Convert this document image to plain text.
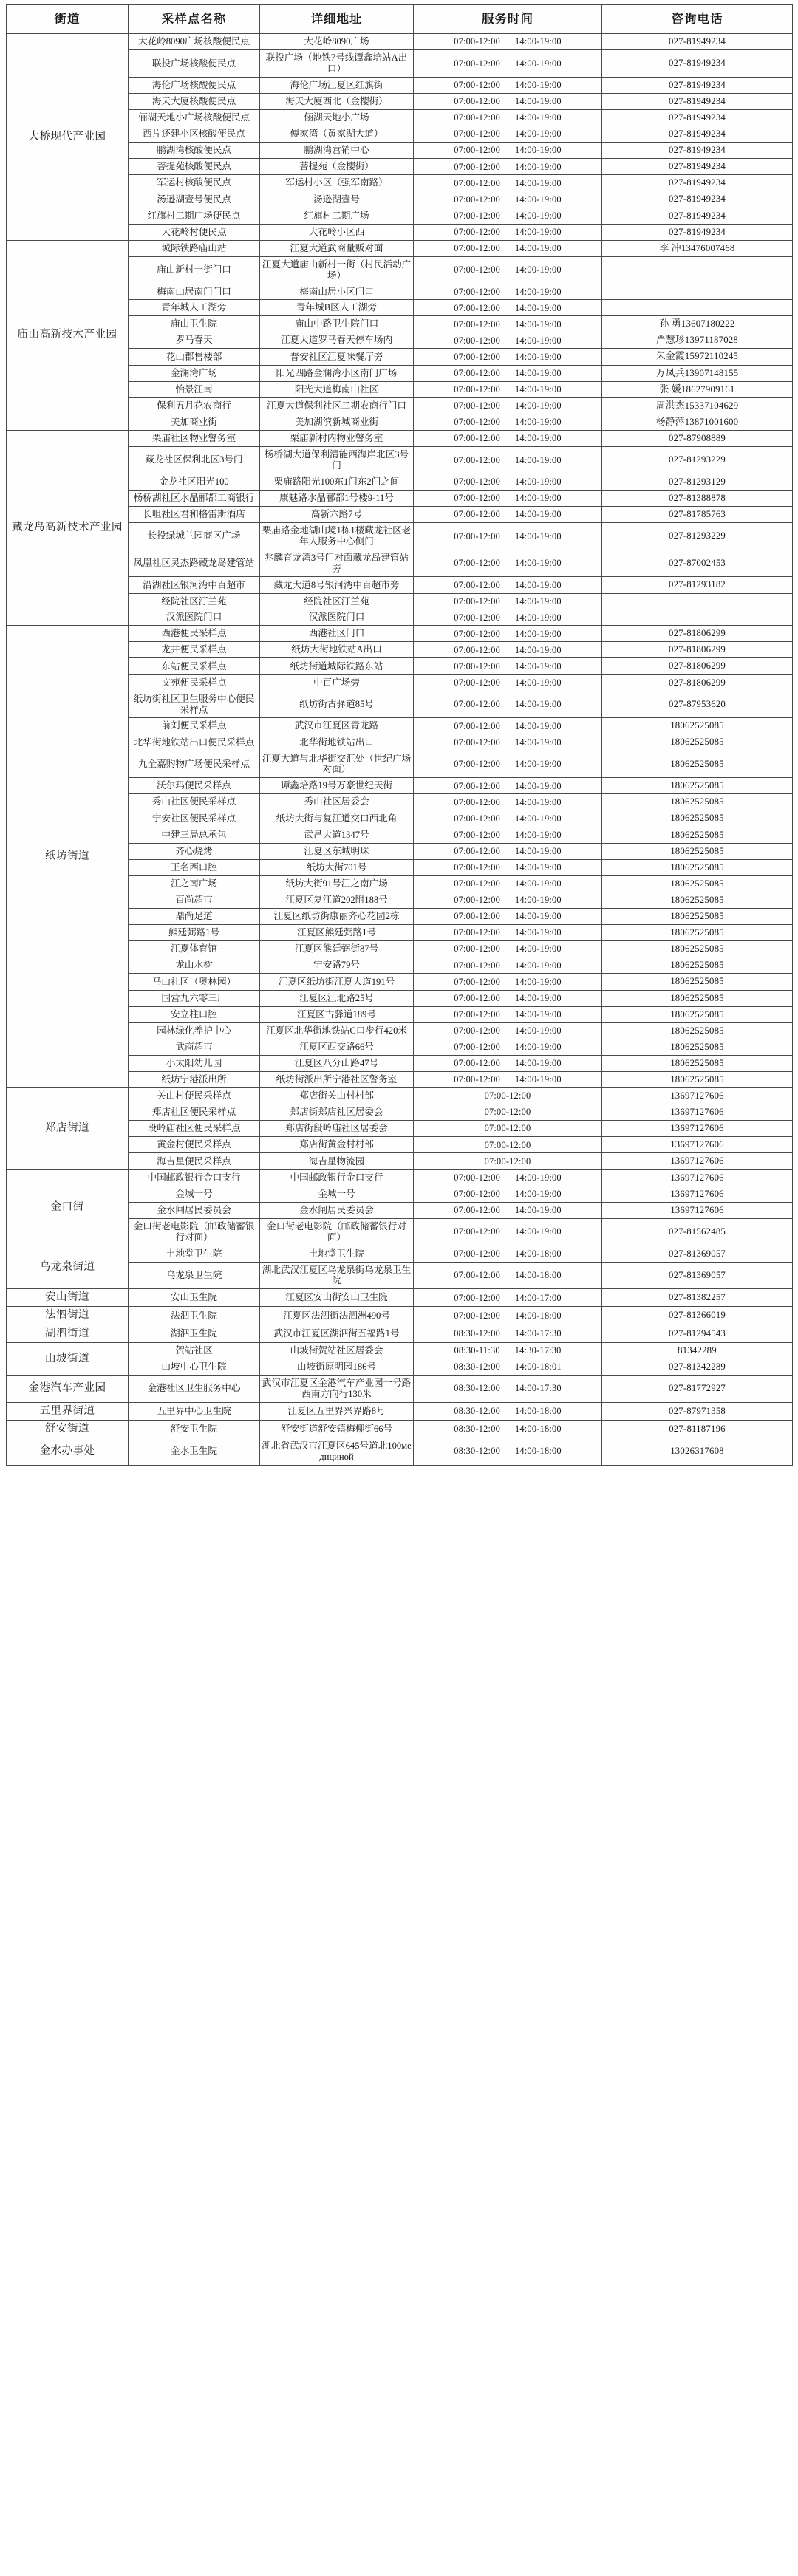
街道	采样点名称	详细地址	服务时间	咨询电话
大桥现代产业园	大花岭8090广场核酸便民点	大花岭8090广场	07:00-12:00 14:00-19:00	027-81949234
	联投广场核酸便民点	联投广场（地铁7号线谭鑫培站A出口）	07:00-12:00 14:00-19:00	027-81949234
	海伦广场核酸便民点	海伦广场江夏区红旗街	07:00-12:00 14:00-19:00	027-81949234
	海天大厦核酸便民点	海天大厦西北（金樱街）	07:00-12:00 14:00-19:00	027-81949234
	俪湖天地小广场核酸便民点	俪湖天地小广场	07:00-12:00 14:00-19:00	027-81949234
	西片还建小区核酸便民点	傅家湾（黄家湖大道）	07:00-12:00 14:00-19:00	027-81949234
	鹏湖湾核酸便民点	鹏湖湾营销中心	07:00-12:00 14:00-19:00	027-81949234
	菩提苑核酸便民点	菩提苑（金樱街）	07:00-12:00 14:00-19:00	027-81949234
	军运村核酸便民点	军运村小区（强军南路）	07:00-12:00 14:00-19:00	027-81949234
	汤逊湖壹号便民点	汤逊湖壹号	07:00-12:00 14:00-19:00	027-81949234
	红旗村二期广场便民点	红旗村二期广场	07:00-12:00 14:00-19:00	027-81949234
	大花岭村便民点	大花岭小区西	07:00-12:00 14:00-19:00	027-81949234
庙山高新技术产业园	城际铁路庙山站	江夏大道武商量贩对面	07:00-12:00 14:00-19:00	李 冲13476007468
	庙山新村一街门口	江夏大道庙山新村一街（村民活动广场）	07:00-12:00 14:00-19:00	
	梅南山居南门门口	梅南山居小区门口	07:00-12:00 14:00-19:00	
	青年城人工湖旁	青年城B区人工湖旁	07:00-12:00 14:00-19:00	
	庙山卫生院	庙山中路卫生院门口	07:00-12:00 14:00-19:00	孙 勇13607180222
	罗马春天	江夏大道罗马春天停车场内	07:00-12:00 14:00-19:00	严慧珍13971187028
	花山郡售楼部	普安社区江夏味餐厅旁	07:00-12:00 14:00-19:00	朱金霞15972110245
	金澜湾广场	阳光四路金澜湾小区南门广场	07:00-12:00 14:00-19:00	万凤兵13907148155
	怡景江南	阳光大道梅南山社区	07:00-12:00 14:00-19:00	张 媛18627909161
	保利五月花农商行	江夏大道保利社区二期农商行门口	07:00-12:00 14:00-19:00	周洪杰15337104629
	美加商业街	美加湖滨新城商业街	07:00-12:00 14:00-19:00	杨静萍13871001600
藏龙岛高新技术产业园	栗庙社区物业警务室	栗庙新村内物业警务室	07:00-12:00 14:00-19:00	027-87908889
	藏龙社区保利北区3号门	杨桥湖大道保利清能西海岸北区3号门	07:00-12:00 14:00-19:00	027-81293229
	金龙社区阳光100	栗庙路阳光100东1门东2门之间	07:00-12:00 14:00-19:00	027-81293129
	杨桥湖社区水晶郦都工商银行	康魅路水晶郦都1号楼9-11号	07:00-12:00 14:00-19:00	027-81388878
	长咀社区君和格雷斯酒店	高新六路7号	07:00-12:00 14:00-19:00	027-81785763
	长投绿城兰园商区广场	栗庙路金地湖山境1栋1楼藏龙社区老年人服务中心侧门	07:00-12:00 14:00-19:00	027-81293229
	凤凰社区灵杰路藏龙岛建管站	兆麟育龙湾3号门对面藏龙岛建管站旁	07:00-12:00 14:00-19:00	027-87002453
	沿湖社区银河湾中百超市	藏龙大道8号银河湾中百超市旁	07:00-12:00 14:00-19:00	027-81293182
	经院社区汀兰苑	经院社区汀兰苑	07:00-12:00 14:00-19:00	
	汉派医院门口	汉派医院门口	07:00-12:00 14:00-19:00	
纸坊街道	西港便民采样点	西港社区门口	07:00-12:00 14:00-19:00	027-81806299
	龙井便民采样点	纸坊大街地铁站A出口	07:00-12:00 14:00-19:00	027-81806299
	东站便民采样点	纸坊街道城际铁路东站	07:00-12:00 14:00-19:00	027-81806299
	文苑便民采样点	中百广场旁	07:00-12:00 14:00-19:00	027-81806299
	纸坊街社区卫生服务中心便民采样点	纸坊街古驿道85号	07:00-12:00 14:00-19:00	027-87953620
	前刘便民采样点	武汉市江夏区青龙路	07:00-12:00 14:00-19:00	18062525085
	北华街地铁站出口便民采样点	北华街地铁站出口	07:00-12:00 14:00-19:00	18062525085
	九全嘉购物广场便民采样点	江夏大道与北华街交汇处（世纪广场对面）	07:00-12:00 14:00-19:00	18062525085
	沃尔玛便民采样点	谭鑫培路19号万豪世纪天街	07:00-12:00 14:00-19:00	18062525085
	秀山社区便民采样点	秀山社区居委会	07:00-12:00 14:00-19:00	18062525085
	宁安社区便民采样点	纸坊大街与复江道交口西北角	07:00-12:00 14:00-19:00	18062525085
	中建三局总承包	武昌大道1347号	07:00-12:00 14:00-19:00	18062525085
	齐心烧烤	江夏区东城明珠	07:00-12:00 14:00-19:00	18062525085
	王名西口腔	纸坊大街701号	07:00-12:00 14:00-19:00	18062525085
	江之南广场	纸坊大街91号江之南广场	07:00-12:00 14:00-19:00	18062525085
	百尚超市	江夏区复江道202附188号	07:00-12:00 14:00-19:00	18062525085
	鼎尚足道	江夏区纸坊街康丽齐心花园2栋	07:00-12:00 14:00-19:00	18062525085
	熊廷弼路1号	江夏区熊廷弼路1号	07:00-12:00 14:00-19:00	18062525085
	江夏体育馆	江夏区熊廷弼街87号	07:00-12:00 14:00-19:00	18062525085
	龙山水树	宁安路79号	07:00-12:00 14:00-19:00	18062525085
	马山社区（奥林园）	江夏区纸坊街江夏大道191号	07:00-12:00 14:00-19:00	18062525085
	国营九六零三厂	江夏区江北路25号	07:00-12:00 14:00-19:00	18062525085
	安立柱口腔	江夏区古驿道189号	07:00-12:00 14:00-19:00	18062525085
	园林绿化养护中心	江夏区北华街地铁站C口步行420米	07:00-12:00 14:00-19:00	18062525085
	武商超市	江夏区西交路66号	07:00-12:00 14:00-19:00	18062525085
	小太阳幼儿园	江夏区八分山路47号	07:00-12:00 14:00-19:00	18062525085
	纸坊宁港派出所	纸坊街派出所宁港社区警务室	07:00-12:00 14:00-19:00	18062525085
郑店街道	关山村便民采样点	郑店街关山村村部	07:00-12:00	13697127606
	郑店社区便民采样点	郑店街郑店社区居委会	07:00-12:00	13697127606
	段岭庙社区便民采样点	郑店街段岭庙社区居委会	07:00-12:00	13697127606
	黄金村便民采样点	郑店街黄金村村部	07:00-12:00	13697127606
	海吉星便民采样点	海吉星物流园	07:00-12:00	13697127606
金口街	中国邮政银行金口支行	中国邮政银行金口支行	07:00-12:00 14:00-19:00	13697127606
	金城一号	金城一号	07:00-12:00 14:00-19:00	13697127606
	金水闸居民委员会	金水闸居民委员会	07:00-12:00 14:00-19:00	13697127606
	金口街老电影院（邮政储蓄银行对面）	金口街老电影院（邮政储蓄银行对面）	07:00-12:00 14:00-19:00	027-81562485
乌龙泉街道	土地堂卫生院	土地堂卫生院	07:00-12:00 14:00-18:00	027-81369057
	乌龙泉卫生院	湖北武汉江夏区乌龙泉街乌龙泉卫生院	07:00-12:00 14:00-18:00	027-81369057
安山街道	安山卫生院	江夏区安山街安山卫生院	07:00-12:00 14:00-17:00	027-81382257
法泗街道	法泗卫生院	江夏区法泗街法泗洲490号	07:00-12:00 14:00-18:00	027-81366019
湖泗街道	湖泗卫生院	武汉市江夏区湖泗街五福路1号	08:30-12:00 14:00-17:30	027-81294543
山坡街道	贺站社区	山坡街贺站社区居委会	08:30-11:30 14:30-17:30	81342289
	山坡中心卫生院	山坡街原明园186号	08:30-12:00 14:00-18:01	027-81342289
金港汽车产业园	金港社区卫生服务中心	武汉市江夏区金港汽车产业园一号路西南方向行130米	08:30-12:00 14:00-17:30	027-81772927
五里界街道	五里界中心卫生院	江夏区五里界兴界路8号	08:30-12:00 14:00-18:00	027-87971358
舒安街道	舒安卫生院	舒安街道舒安镇梅柳街66号	08:30-12:00 14:00-18:00	027-81187196
金水办事处	金水卫生院	湖北省武汉市江夏区645号道北100медициной	08:30-12:00 14:00-18:00	13026317608
